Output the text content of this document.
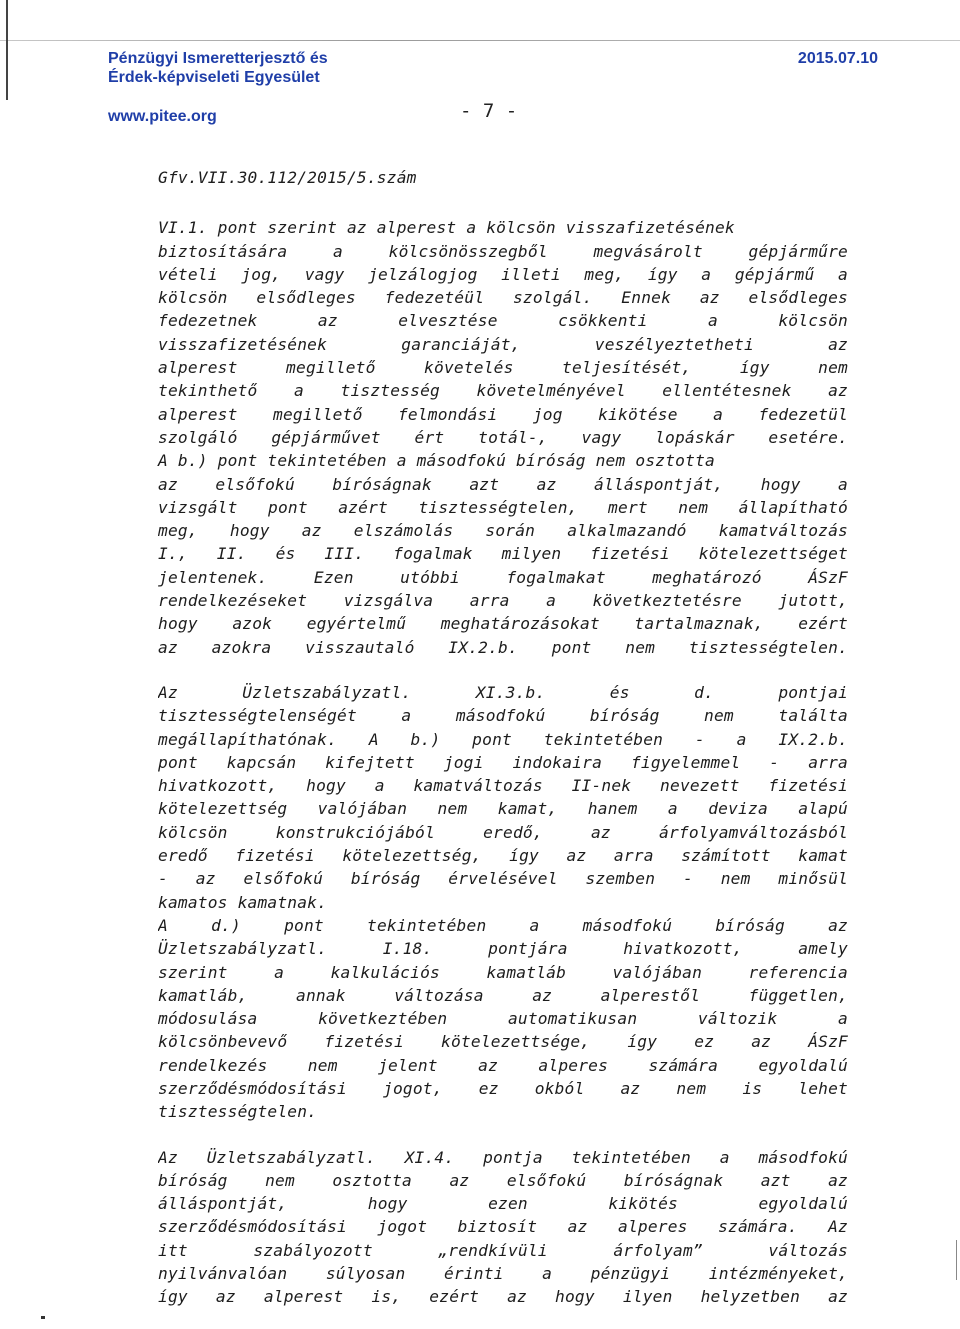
Pénzügyi Ismeretterjesztő és
Érdek-képviseleti Egyesület
2015.07.10
www.pitee.org	- 7 -
Gfv.VII.30.112/2015/5.szám
VI.1. pont szerint az alperest a kölcsön visszafizetésének
biztosítására a kölcsönösszegből megvásárolt gépjárműre
vételi jog, vagy jelzálogjog illeti meg, így a gépjármű a
kölcsön elsődleges fedezetéül szolgál. Ennek az elsődleges
fedezetnek az elvesztése csökkenti a kölcsön
visszafizetésének garanciáját, veszélyeztetheti az
alperest megillető követelés teljesítését, így nem
tekinthető a tisztesség követelményével ellentétesnek az
alperest megillető felmondási jog kikötése a fedezetül
szolgáló gépjárművet ért totál-, vagy lopáskár esetére.
A b.) pont tekintetében a másodfokú bíróság nem osztotta
az elsőfokú bíróságnak azt az álláspontját, hogy a
vizsgált pont azért tisztességtelen, mert nem állapítható
meg, hogy az elszámolás során alkalmazandó kamatváltozás
I., II. és III. fogalmak milyen fizetési kötelezettséget
jelentenek. Ezen utóbbi fogalmakat meghatározó ÁSzF
rendelkezéseket vizsgálva arra a következtetésre jutott,
hogy azok egyértelmű meghatározásokat tartalmaznak, ezért
az azokra visszautaló IX.2.b. pont nem tisztességtelen.
Az Üzletszabályzatl. XI.3.b. és d. pontjai
tisztességtelenségét a másodfokú bíróság nem találta
megállapíthatónak. A b.) pont tekintetében - a IX.2.b.
pont kapcsán kifejtett jogi indokaira figyelemmel - arra
hivatkozott, hogy a kamatváltozás II-nek nevezett fizetési
kötelezettség valójában nem kamat, hanem a deviza alapú
kölcsön konstrukciójából eredő, az árfolyamváltozásból
eredő fizetési kötelezettség, így az arra számított kamat
- az elsőfokú bíróság érvelésével szemben - nem minősül
kamatos kamatnak.
A d.) pont tekintetében a másodfokú bíróság az
Üzletszabályzatl. I.18. pontjára hivatkozott, amely
szerint a kalkulációs kamatláb valójában referencia
kamatláb, annak változása az alperestől független,
módosulása következtében automatikusan változik a
kölcsönbevevő fizetési kötelezettsége, így ez az ÁSzF
rendelkezés nem jelent az alperes számára egyoldalú
szerződésmódosítási jogot, ez okból az nem is lehet
tisztességtelen.
Az Üzletszabályzatl. XI.4. pontja tekintetében a másodfokú
bíróság nem osztotta az elsőfokú bíróságnak azt az
álláspontját, hogy ezen kikötés egyoldalú
szerződésmódosítási jogot biztosít az alperes számára. Az
itt szabályozott „rendkívüli árfolyam” változás
nyilvánvalóan súlyosan érinti a pénzügyi intézményeket,
így az alperest is, ezért az hogy ilyen helyzetben az
